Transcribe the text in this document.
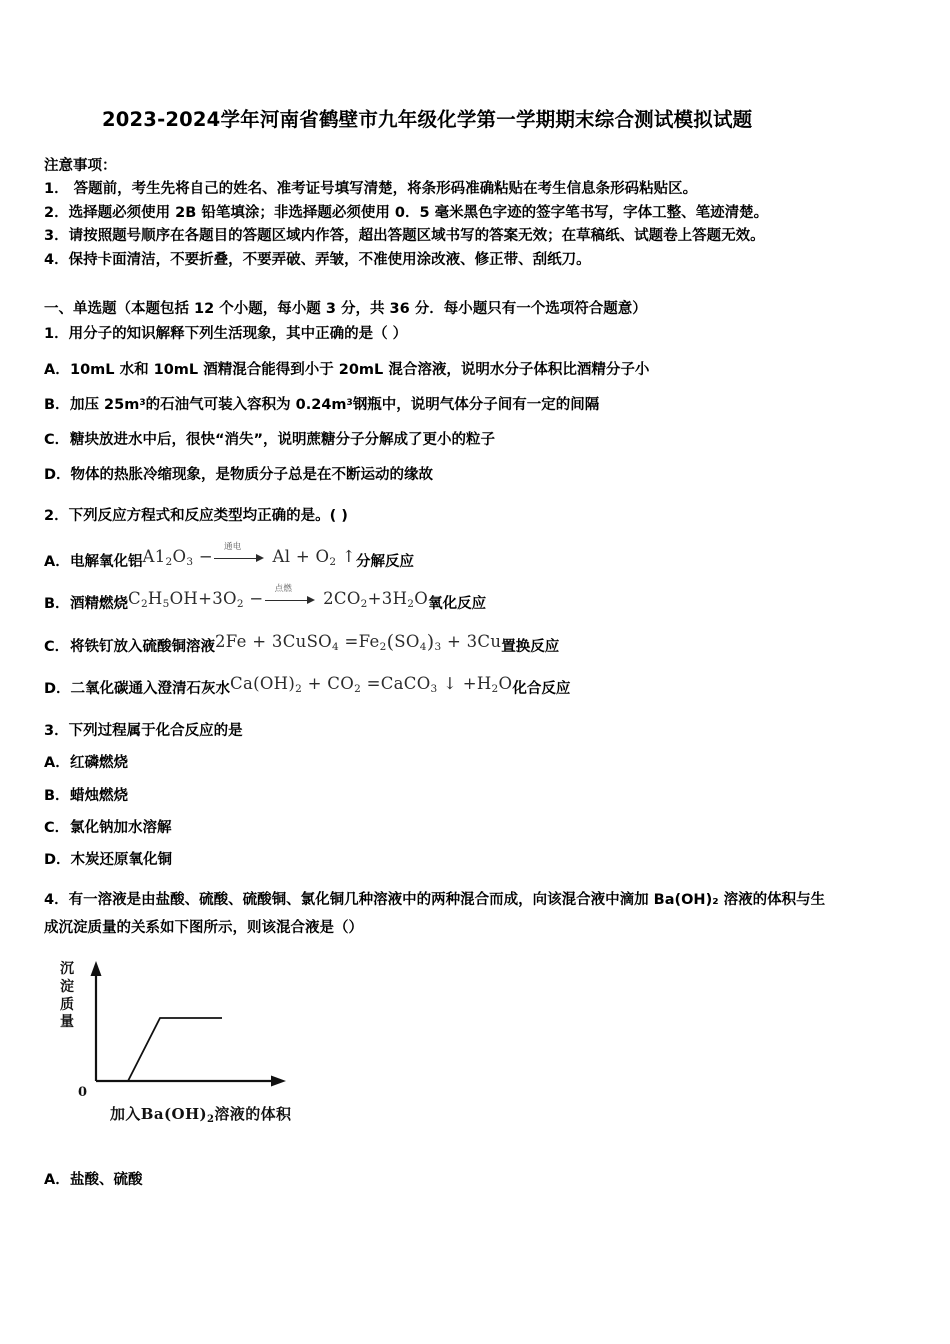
2023-2024学年河南省鹤壁市九年级化学第一学期期末综合测试模拟试题
注意事项：
1． 答题前，考生先将自己的姓名、准考证号填写清楚，将条形码准确粘贴在考生信息条形码粘贴区。
2．选择题必须使用 2B 铅笔填涂；非选择题必须使用 0．5 毫米黑色字迹的签字笔书写，字体工整、笔迹清楚。
3．请按照题号顺序在各题目的答题区域内作答，超出答题区域书写的答案无效；在草稿纸、试题卷上答题无效。
4．保持卡面清洁，不要折叠，不要弄破、弄皱，不准使用涂改液、修正带、刮纸刀。
一、单选题（本题包括 12 个小题，每小题 3 分，共 36 分．每小题只有一个选项符合题意）
1．用分子的知识解释下列生活现象，其中正确的是（ ）
A．10mL 水和 10mL 酒精混合能得到小于 20mL 混合溶液，说明水分子体积比酒精分子小
B．加压 $25m^3$的石油气可装入容积为 $0.24m^3$钢瓶中，说明气体分子间有一定的间隔
C．糖块放进水中后，很快“消失”，说明蔗糖分子分解成了更小的粒子
D．物体的热胀冷缩现象，是物质分子总是在不断运动的缘故
2．下列反应方程式和反应类型均正确的是。( )
A．电解氧化铝$A1_2O_3$ − 通电 $Al + O_2$ ↑分解反应
B．酒精燃烧$C_2H_5OH+3O_2$ − 点燃 $2CO_2+3H_2O$氧化反应
C．将铁钉放入硫酸铜溶液2Fe + 3CuSO$_4$ $=Fe_2(SO_4)_3 + 3Cu$置换反应
D．二氧化碳通入澄清石灰水$Ca(OH)_2 + CO_2$ =CaCO$_3$ ↓ $+H_2O$化合反应
3．下列过程属于化合反应的是
A．红磷燃烧
B．蜡烛燃烧
C．氯化钠加水溶解
D．木炭还原氧化铜
4．有一溶液是由盐酸、硫酸、硫酸铜、氯化铜几种溶液中的两种混合而成，向该混合液中滴加 Ba(OH)₂ 溶液的体积与生
成沉淀质量的关系如下图所示，则该混合液是（）
沉
淀
质
量
0
加入$Ba(OH)_2$溶液的体积
A．盐酸、硫酸
